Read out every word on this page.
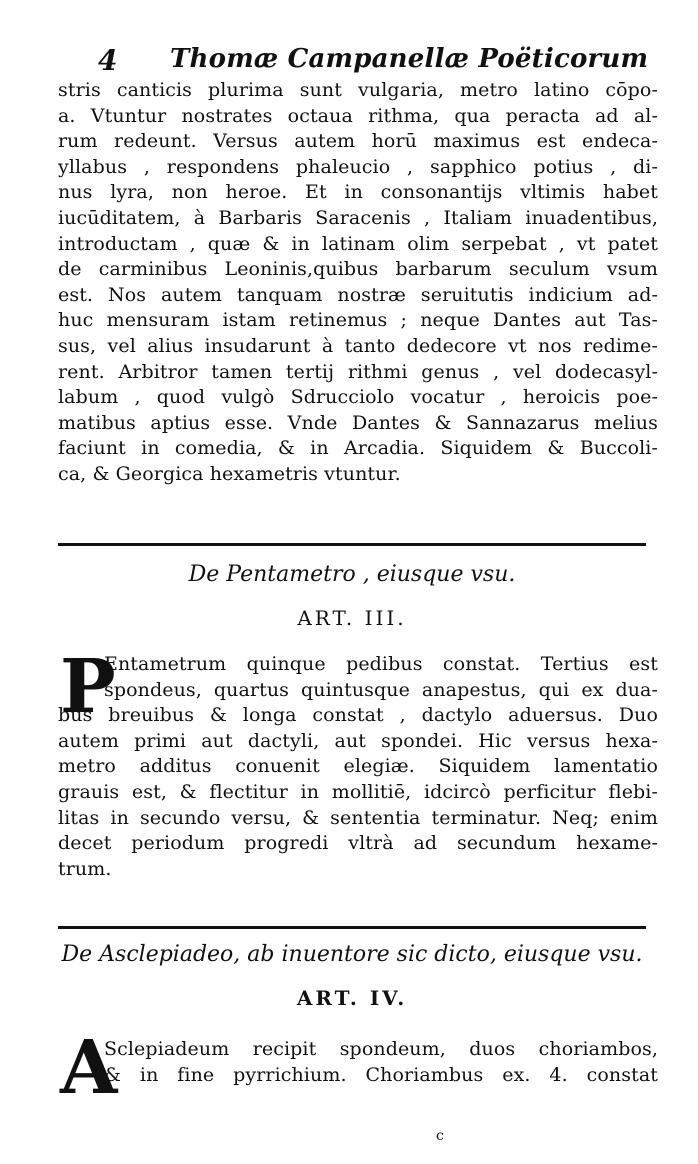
4 Thomæ Campanellæ Poëticorum
stris canticis plurima sunt vulgaria, metro latino cōpo-
a. Vtuntur nostrates octaua rithma, qua peracta ad al-
rum redeunt. Versus autem horū maximus est endeca-
yllabus , respondens phaleucio , sapphico potius , di-
nus lyra, non heroe. Et in consonantijs vltimis habet
iucūditatem, à Barbaris Saracenis , Italiam inuadentibus,
introductam , quæ & in latinam olim serpebat , vt patet
de carminibus Leoninis,quibus barbarum seculum vsum
est. Nos autem tanquam nostræ seruitutis indicium ad-
huc mensuram istam retinemus ; neque Dantes aut Tas-
sus, vel alius insudarunt à tanto dedecore vt nos redime-
rent. Arbitror tamen tertij rithmi genus , vel dodecasyl-
labum , quod vulgò Sdrucciolo vocatur , heroicis poe-
matibus aptius esse. Vnde Dantes & Sannazarus melius
faciunt in comedia, & in Arcadia. Siquidem & Buccoli-
ca, & Georgica hexametris vtuntur.
De Pentametro , eiusque vsu.
ART. III.
P
Entametrum quinque pedibus constat. Tertius est
spondeus, quartus quintusque anapestus, qui ex dua-
bus breuibus & longa constat , dactylo aduersus. Duo
autem primi aut dactyli, aut spondei. Hic versus hexa-
metro additus conuenit elegiæ. Siquidem lamentatio
grauis est, & flectitur in mollitiē, idcircò perficitur flebi-
litas in secundo versu, & sententia terminatur. Neq; enim
decet periodum progredi vltrà ad secundum hexame-
trum.
De Asclepiadeo, ab inuentore sic dicto, eiusque vsu.
ART. IV.
A
Sclepiadeum recipit spondeum, duos choriambos,
& in fine pyrrichium. Choriambus ex. 4. constat
c
